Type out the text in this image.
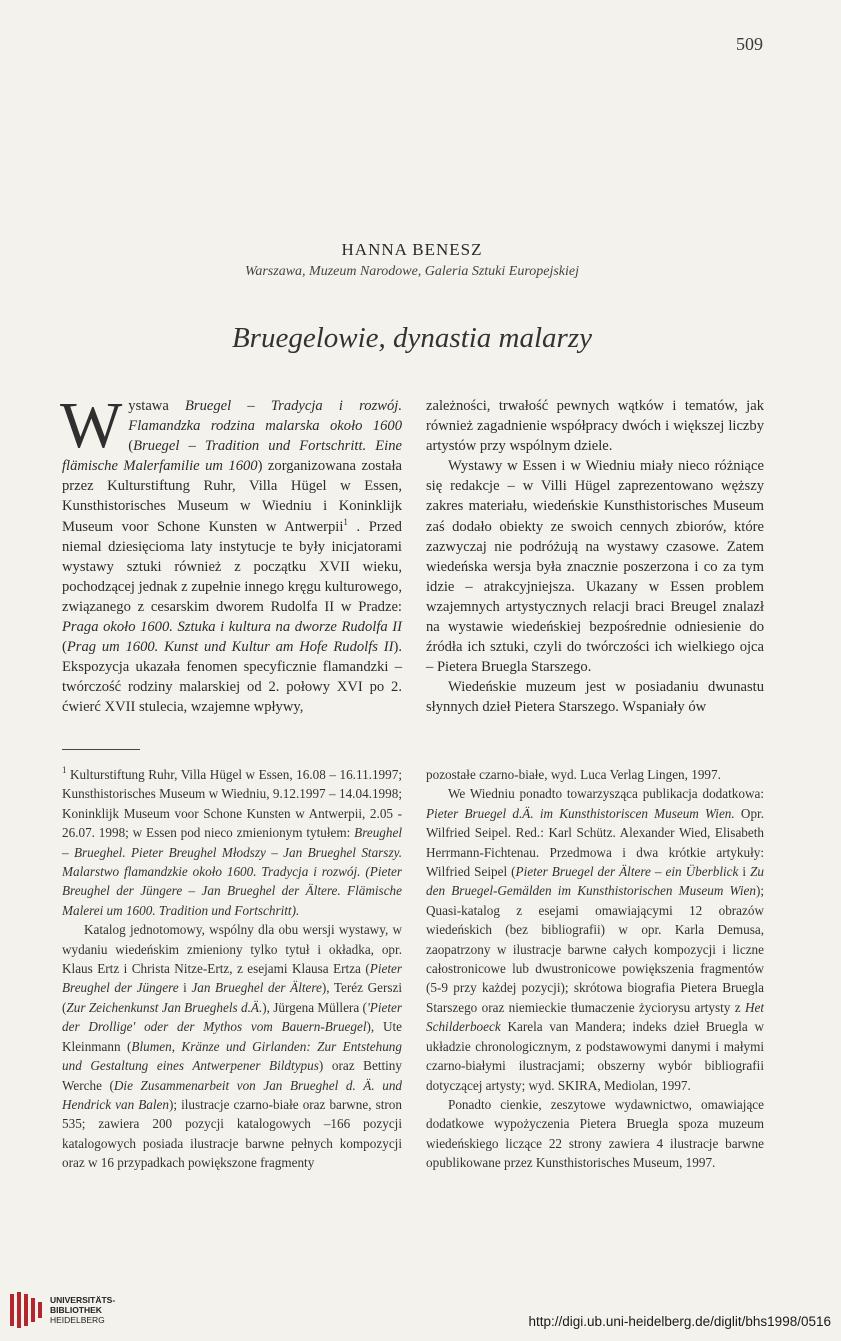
509
HANNA BENESZ
Warszawa, Muzeum Narodowe, Galeria Sztuki Europejskiej
Bruegelowie, dynastia malarzy

Wystawa Bruegel – Tradycja i rozwój. Flamandzka rodzina malarska około 1600 (Bruegel – Tradition und Fortschritt. Eine flämische Malerfamilie um 1600) zorganizowana została przez Kulturstiftung Ruhr, Villa Hügel w Essen, Kunsthistorisches Museum w Wiedniu i Koninklijk Museum voor Schone Kunsten w Antwerpii$^1$ . Przed niemal dziesięcioma laty instytucje te były inicjatorami wystawy sztuki również z początku XVII wieku, pochodzącej jednak z zupełnie innego kręgu kulturowego, związanego z cesarskim dworem Rudolfa II w Pradze: Praga około 1600. Sztuka i kultura na dworze Rudolfa II (Prag um 1600. Kunst und Kultur am Hofe Rudolfs II). Ekspozycja ukazała fenomen specyficznie flamandzki – twórczość rodziny malarskiej od 2. połowy XVI po 2. ćwierć XVII stulecia, wzajemne wpływy,

zależności, trwałość pewnych wątków i tematów, jak również zagadnienie współpracy dwóch i większej liczby artystów przy wspólnym dziele.

Wystawy w Essen i w Wiedniu miały nieco różniące się redakcje – w Villi Hügel zaprezentowano węższy zakres materiału, wiedeńskie Kunsthistorisches Museum zaś dodało obiekty ze swoich cennych zbiorów, które zazwyczaj nie podróżują na wystawy czasowe. Zatem wiedeńska wersja była znacznie poszerzona i co za tym idzie – atrakcyjniejsza. Ukazany w Essen problem wzajemnych artystycznych relacji braci Breugel znalazł na wystawie wiedeńskiej bezpośrednie odniesienie do źródła ich sztuki, czyli do twórczości ich wielkiego ojca – Pietera Bruegla Starszego.

Wiedeńskie muzeum jest w posiadaniu dwunastu słynnych dzieł Pietera Starszego. Wspaniały ów

$^1$ Kulturstiftung Ruhr, Villa Hügel w Essen, 16.08 – 16.11.1997; Kunsthistorisches Museum w Wiedniu, 9.12.1997 – 14.04.1998; Koninklijk Museum voor Schone Kunsten w Antwerpii, 2.05 - 26.07. 1998; w Essen pod nieco zmienionym tytułem: Breughel – Brueghel. Pieter Breughel Młodszy – Jan Brueghel Starszy. Malarstwo flamandzkie około 1600. Tradycja i rozwój. (Pieter Breughel der Jüngere – Jan Brueghel der Ältere. Flämische Malerei um 1600. Tradition und Fortschritt).

Katalog jednotomowy, wspólny dla obu wersji wystawy, w wydaniu wiedeńskim zmieniony tylko tytuł i okładka, opr. Klaus Ertz i Christa Nitze-Ertz, z esejami Klausa Ertza (Pieter Breughel der Jüngere i Jan Brueghel der Ältere), Teréz Gerszi (Zur Zeichenkunst Jan Brueghels d.Ä.), Jürgena Müllera ('Pieter der Drollige' oder der Mythos vom Bauern-Bruegel), Ute Kleinmann (Blumen, Kränze und Girlanden: Zur Entstehung und Gestaltung eines Antwerpener Bildtypus) oraz Bettiny Werche (Die Zusammenarbeit von Jan Brueghel d. Ä. und Hendrick van Balen); ilustracje czarno-białe oraz barwne, stron 535; zawiera 200 pozycji katalogowych –166 pozycji katalogowych posiada ilustracje barwne pełnych kompozycji oraz w 16 przypadkach powiększone fragmenty

pozostałe czarno-białe, wyd. Luca Verlag Lingen, 1997.

We Wiedniu ponadto towarzysząca publikacja dodatkowa: Pieter Bruegel d.Ä. im Kunsthistoriscen Museum Wien. Opr. Wilfried Seipel. Red.: Karl Schütz. Alexander Wied, Elisabeth Herrmann-Fichtenau. Przedmowa i dwa krótkie artykuły: Wilfried Seipel (Pieter Bruegel der Ältere – ein Überblick i Zu den Bruegel-Gemälden im Kunsthistorischen Museum Wien); Quasi-katalog z esejami omawiającymi 12 obrazów wiedeńskich (bez bibliografii) w opr. Karla Demusa, zaopatrzony w ilustracje barwne całych kompozycji i liczne całostronicowe lub dwustronicowe powiększenia fragmentów (5-9 przy każdej pozycji); skrótowa biografia Pietera Bruegla Starszego oraz niemieckie tłumaczenie życiorysu artysty z Het Schilderboeck Karela van Mandera; indeks dzieł Bruegla w układzie chronologicznym, z podstawowymi danymi i małymi czarno-białymi ilustracjami; obszerny wybór bibliografii dotyczącej artysty; wyd. SKIRA, Mediolan, 1997.

Ponadto cienkie, zeszytowe wydawnictwo, omawiające dodatkowe wypożyczenia Pietera Bruegla spoza muzeum wiedeńskiego liczące 22 strony zawiera 4 ilustracje barwne opublikowane przez Kunsthistorisches Museum, 1997.

UNIVERSITÄTS-
BIBLIOTHEK
HEIDELBERG	http://digi.ub.uni-heidelberg.de/diglit/bhs1998/0516
